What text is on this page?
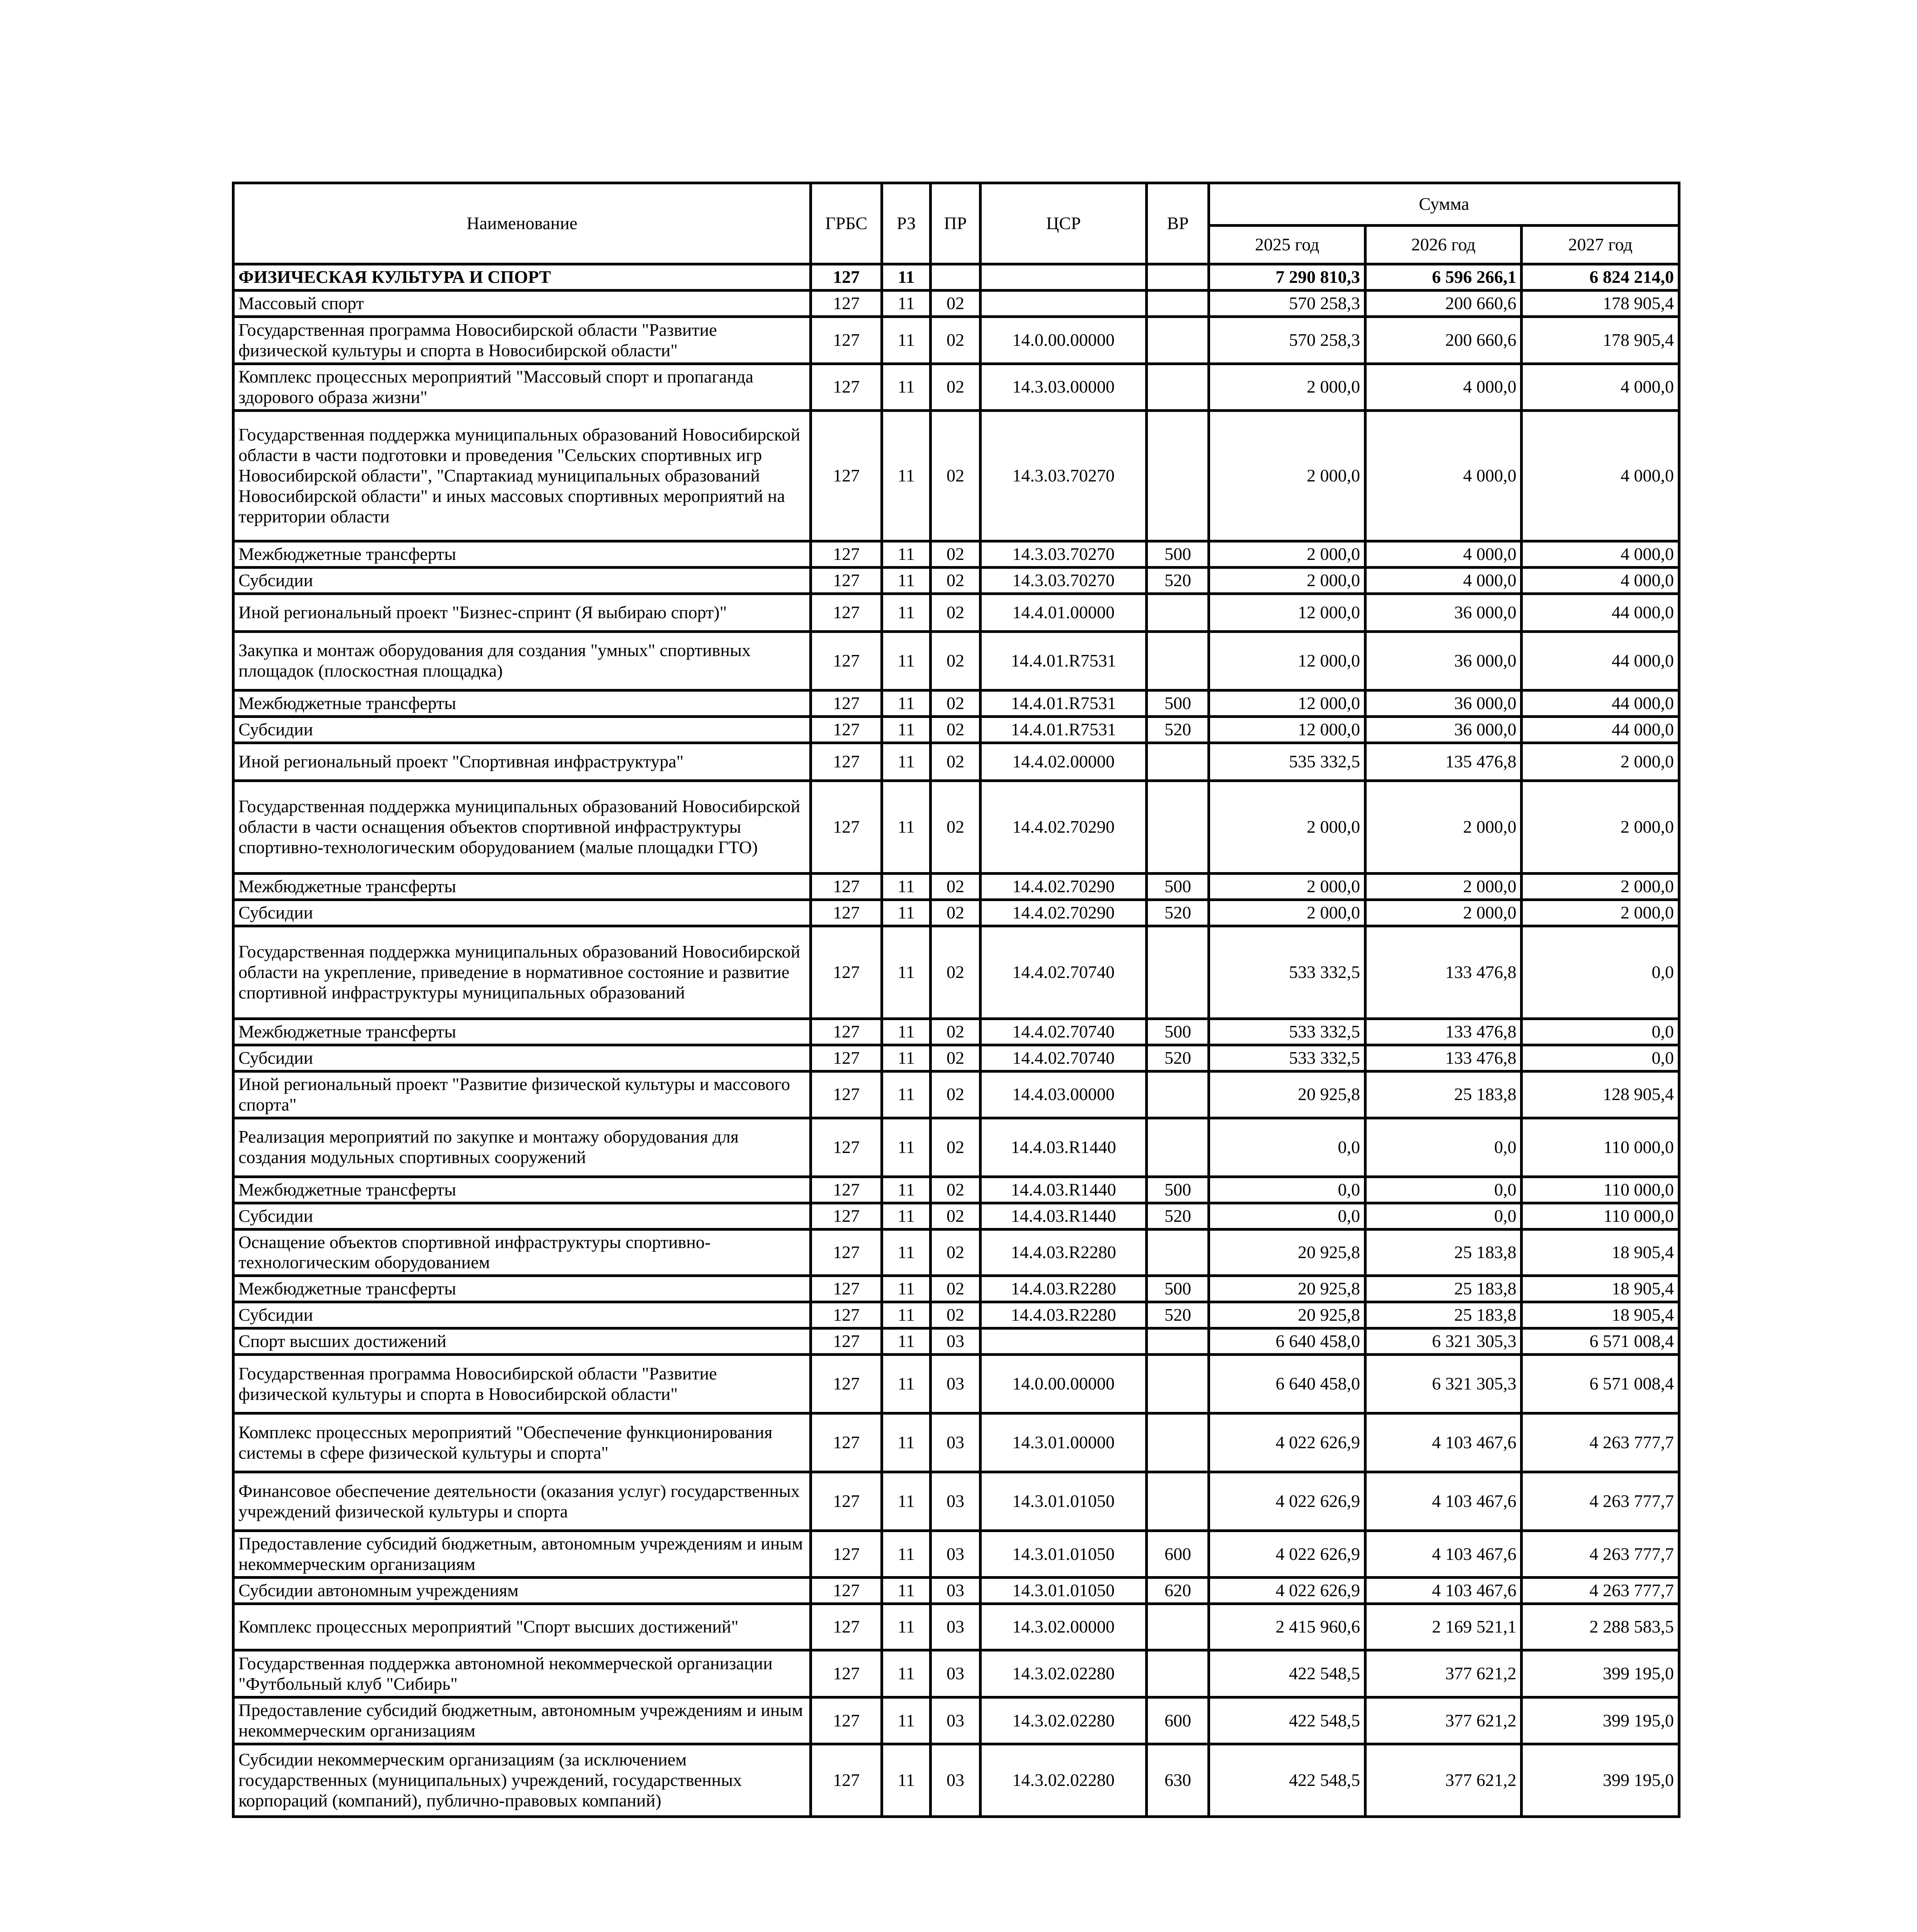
Наименование	ГРБС	РЗ	ПР	ЦСР	ВР	Сумма		
						2025 год	2026 год	2027 год
ФИЗИЧЕСКАЯ КУЛЬТУРА И СПОРТ	127	11				7 290 810,3	6 596 266,1	6 824 214,0
Массовый спорт	127	11	02			570 258,3	200 660,6	178 905,4
Государственная программа Новосибирской области "Развитие физической культуры и спорта в Новосибирской области"	127	11	02	14.0.00.00000		570 258,3	200 660,6	178 905,4
Комплекс процессных мероприятий "Массовый спорт и пропаганда здорового образа жизни"	127	11	02	14.3.03.00000		2 000,0	4 000,0	4 000,0
Государственная поддержка муниципальных образований Новосибирской области в части подготовки и проведения "Сельских спортивных игр Новосибирской области", "Спартакиад муниципальных образований Новосибирской области" и иных массовых спортивных мероприятий на территории области	127	11	02	14.3.03.70270		2 000,0	4 000,0	4 000,0
Межбюджетные трансферты	127	11	02	14.3.03.70270	500	2 000,0	4 000,0	4 000,0
Субсидии	127	11	02	14.3.03.70270	520	2 000,0	4 000,0	4 000,0
Иной региональный проект "Бизнес-спринт (Я выбираю спорт)"	127	11	02	14.4.01.00000		12 000,0	36 000,0	44 000,0
Закупка и монтаж оборудования для создания "умных" спортивных площадок (плоскостная площадка)	127	11	02	14.4.01.R7531		12 000,0	36 000,0	44 000,0
Межбюджетные трансферты	127	11	02	14.4.01.R7531	500	12 000,0	36 000,0	44 000,0
Субсидии	127	11	02	14.4.01.R7531	520	12 000,0	36 000,0	44 000,0
Иной региональный проект "Спортивная инфраструктура"	127	11	02	14.4.02.00000		535 332,5	135 476,8	2 000,0
Государственная поддержка муниципальных образований Новосибирской области в части оснащения объектов спортивной инфраструктуры спортивно-технологическим оборудованием (малые площадки ГТО)	127	11	02	14.4.02.70290		2 000,0	2 000,0	2 000,0
Межбюджетные трансферты	127	11	02	14.4.02.70290	500	2 000,0	2 000,0	2 000,0
Субсидии	127	11	02	14.4.02.70290	520	2 000,0	2 000,0	2 000,0
Государственная поддержка муниципальных образований Новосибирской области на укрепление, приведение в нормативное состояние и развитие спортивной инфраструктуры муниципальных образований	127	11	02	14.4.02.70740		533 332,5	133 476,8	0,0
Межбюджетные трансферты	127	11	02	14.4.02.70740	500	533 332,5	133 476,8	0,0
Субсидии	127	11	02	14.4.02.70740	520	533 332,5	133 476,8	0,0
Иной региональный проект "Развитие физической культуры и массового спорта"	127	11	02	14.4.03.00000		20 925,8	25 183,8	128 905,4
Реализация мероприятий по закупке и монтажу оборудования для создания модульных спортивных сооружений	127	11	02	14.4.03.R1440		0,0	0,0	110 000,0
Межбюджетные трансферты	127	11	02	14.4.03.R1440	500	0,0	0,0	110 000,0
Субсидии	127	11	02	14.4.03.R1440	520	0,0	0,0	110 000,0
Оснащение объектов спортивной инфраструктуры спортивно-технологическим оборудованием	127	11	02	14.4.03.R2280		20 925,8	25 183,8	18 905,4
Межбюджетные трансферты	127	11	02	14.4.03.R2280	500	20 925,8	25 183,8	18 905,4
Субсидии	127	11	02	14.4.03.R2280	520	20 925,8	25 183,8	18 905,4
Спорт высших достижений	127	11	03			6 640 458,0	6 321 305,3	6 571 008,4
Государственная программа Новосибирской области "Развитие физической культуры и спорта в Новосибирской области"	127	11	03	14.0.00.00000		6 640 458,0	6 321 305,3	6 571 008,4
Комплекс процессных мероприятий "Обеспечение функционирования системы в сфере физической культуры и спорта"	127	11	03	14.3.01.00000		4 022 626,9	4 103 467,6	4 263 777,7
Финансовое обеспечение деятельности (оказания услуг) государственных учреждений физической культуры и спорта	127	11	03	14.3.01.01050		4 022 626,9	4 103 467,6	4 263 777,7
Предоставление субсидий бюджетным, автономным учреждениям и иным некоммерческим организациям	127	11	03	14.3.01.01050	600	4 022 626,9	4 103 467,6	4 263 777,7
Субсидии автономным учреждениям	127	11	03	14.3.01.01050	620	4 022 626,9	4 103 467,6	4 263 777,7
Комплекс процессных мероприятий "Спорт высших достижений"	127	11	03	14.3.02.00000		2 415 960,6	2 169 521,1	2 288 583,5
Государственная поддержка автономной некоммерческой организации "Футбольный клуб "Сибирь"	127	11	03	14.3.02.02280		422 548,5	377 621,2	399 195,0
Предоставление субсидий бюджетным, автономным учреждениям и иным некоммерческим организациям	127	11	03	14.3.02.02280	600	422 548,5	377 621,2	399 195,0
Субсидии некоммерческим организациям (за исключением государственных (муниципальных) учреждений, государственных корпораций (компаний), публично-правовых компаний)	127	11	03	14.3.02.02280	630	422 548,5	377 621,2	399 195,0
